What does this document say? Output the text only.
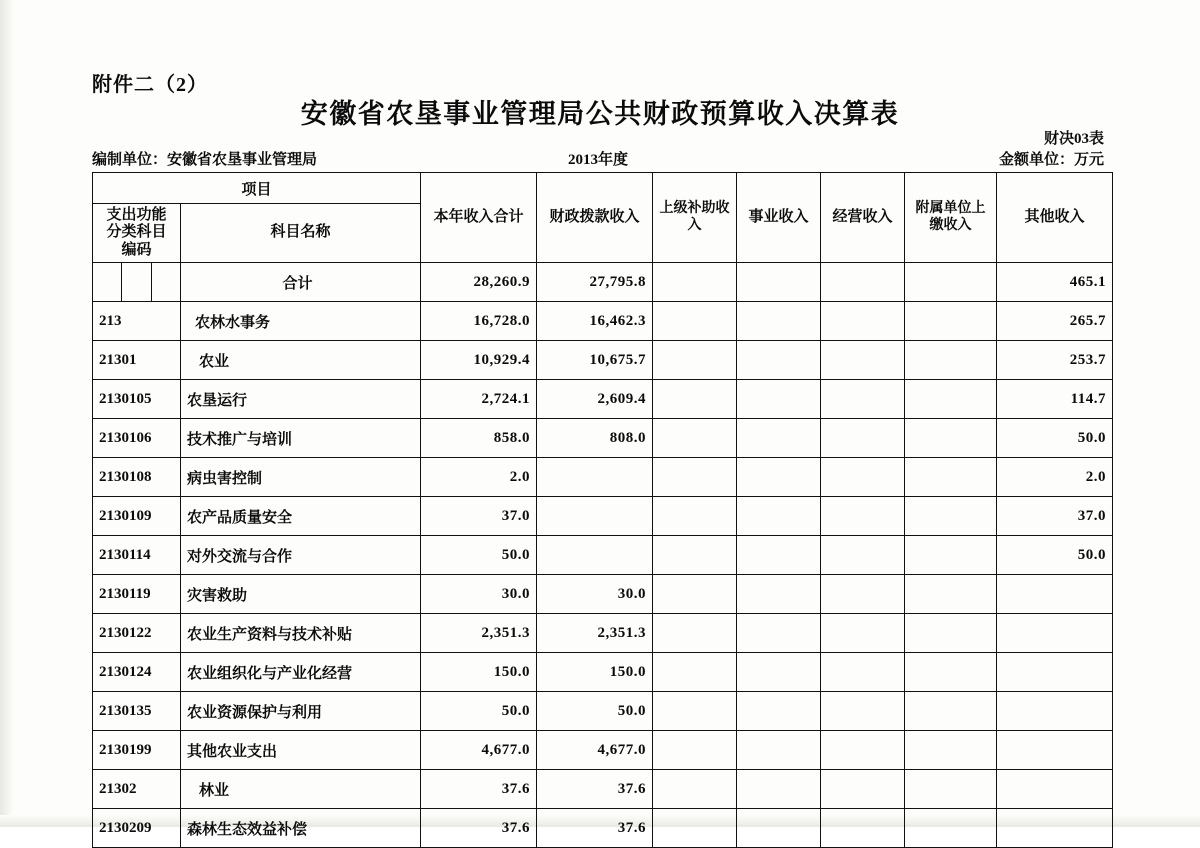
附件二（2）
安徽省农垦事业管理局公共财政预算收入决算表
财决03表
编制单位：安徽省农垦事业管理局	2013年度	金额单位：万元
项目		本年收入合计	财政拨款收入	上级补助收入	事业收入	经营收入	附属单位上缴收入	其他收入

支出功能
分类科目
编码	科目名称							

	合计	28,260.9	27,795.8					465.1
213	农林水事务	16,728.0	16,462.3					265.7
21301	农业	10,929.4	10,675.7					253.7
2130105	农垦运行	2,724.1	2,609.4					114.7
2130106	技术推广与培训	858.0	808.0					50.0
2130108	病虫害控制	2.0						2.0
2130109	农产品质量安全	37.0						37.0
2130114	对外交流与合作	50.0						50.0
2130119	灾害救助	30.0	30.0					
2130122	农业生产资料与技术补贴	2,351.3	2,351.3					
2130124	农业组织化与产业化经营	150.0	150.0					
2130135	农业资源保护与利用	50.0	50.0					
2130199	其他农业支出	4,677.0	4,677.0					
21302	林业	37.6	37.6					
2130209	森林生态效益补偿	37.6	37.6					
